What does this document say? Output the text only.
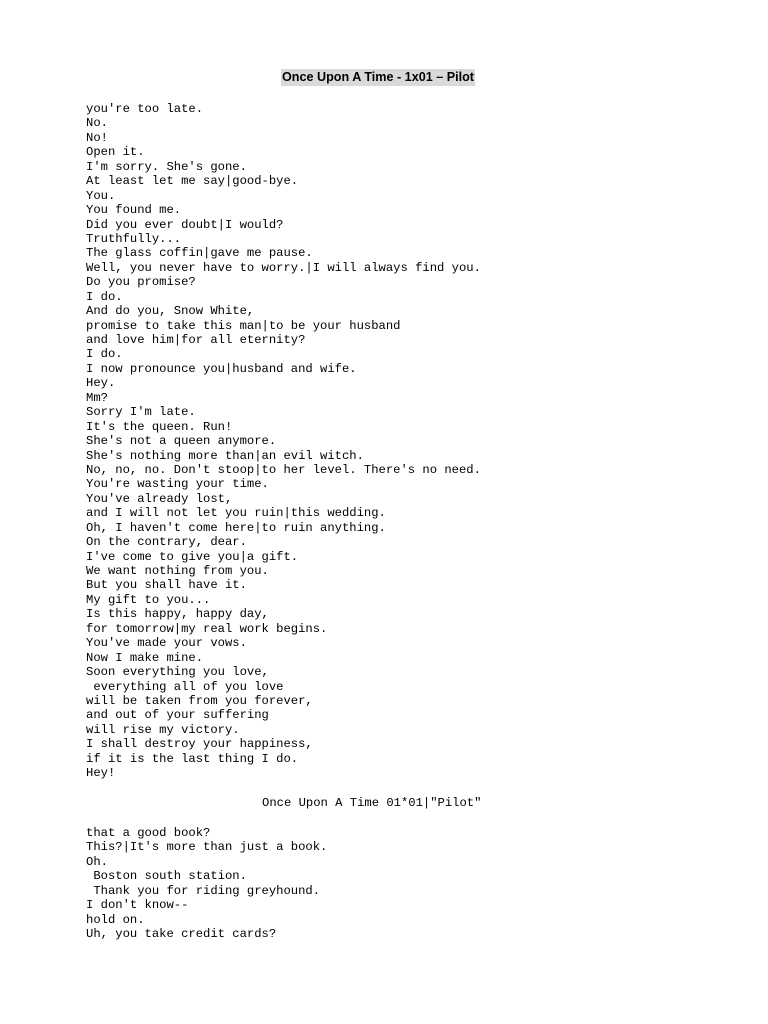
Once Upon A Time - 1x01 – Pilot
you're too late.
No.
No!
Open it.
I'm sorry. She's gone.
At least let me say|good-bye.
You.
You found me.
Did you ever doubt|I would?
Truthfully...
The glass coffin|gave me pause.
Well, you never have to worry.|I will always find you.
Do you promise?
I do.
And do you, Snow White,
promise to take this man|to be your husband
and love him|for all eternity?
I do.
I now pronounce you|husband and wife.
Hey.
Mm?
Sorry I'm late.
It's the queen. Run!
She's not a queen anymore.
She's nothing more than|an evil witch.
No, no, no. Don't stoop|to her level. There's no need.
You're wasting your time.
You've already lost,
and I will not let you ruin|this wedding.
Oh, I haven't come here|to ruin anything.
On the contrary, dear.
I've come to give you|a gift.
We want nothing from you.
But you shall have it.
My gift to you...
Is this happy, happy day,
for tomorrow|my real work begins.
You've made your vows.
Now I make mine.
Soon everything you love,
everything all of you love
will be taken from you forever,
and out of your suffering
will rise my victory.
I shall destroy your happiness,
if it is the last thing I do.
Hey!
Once Upon A Time 01*01|"Pilot"
that a good book?
This?|It's more than just a book.
Oh.
Boston south station.
Thank you for riding greyhound.
I don't know--
hold on.
Uh, you take credit cards?
